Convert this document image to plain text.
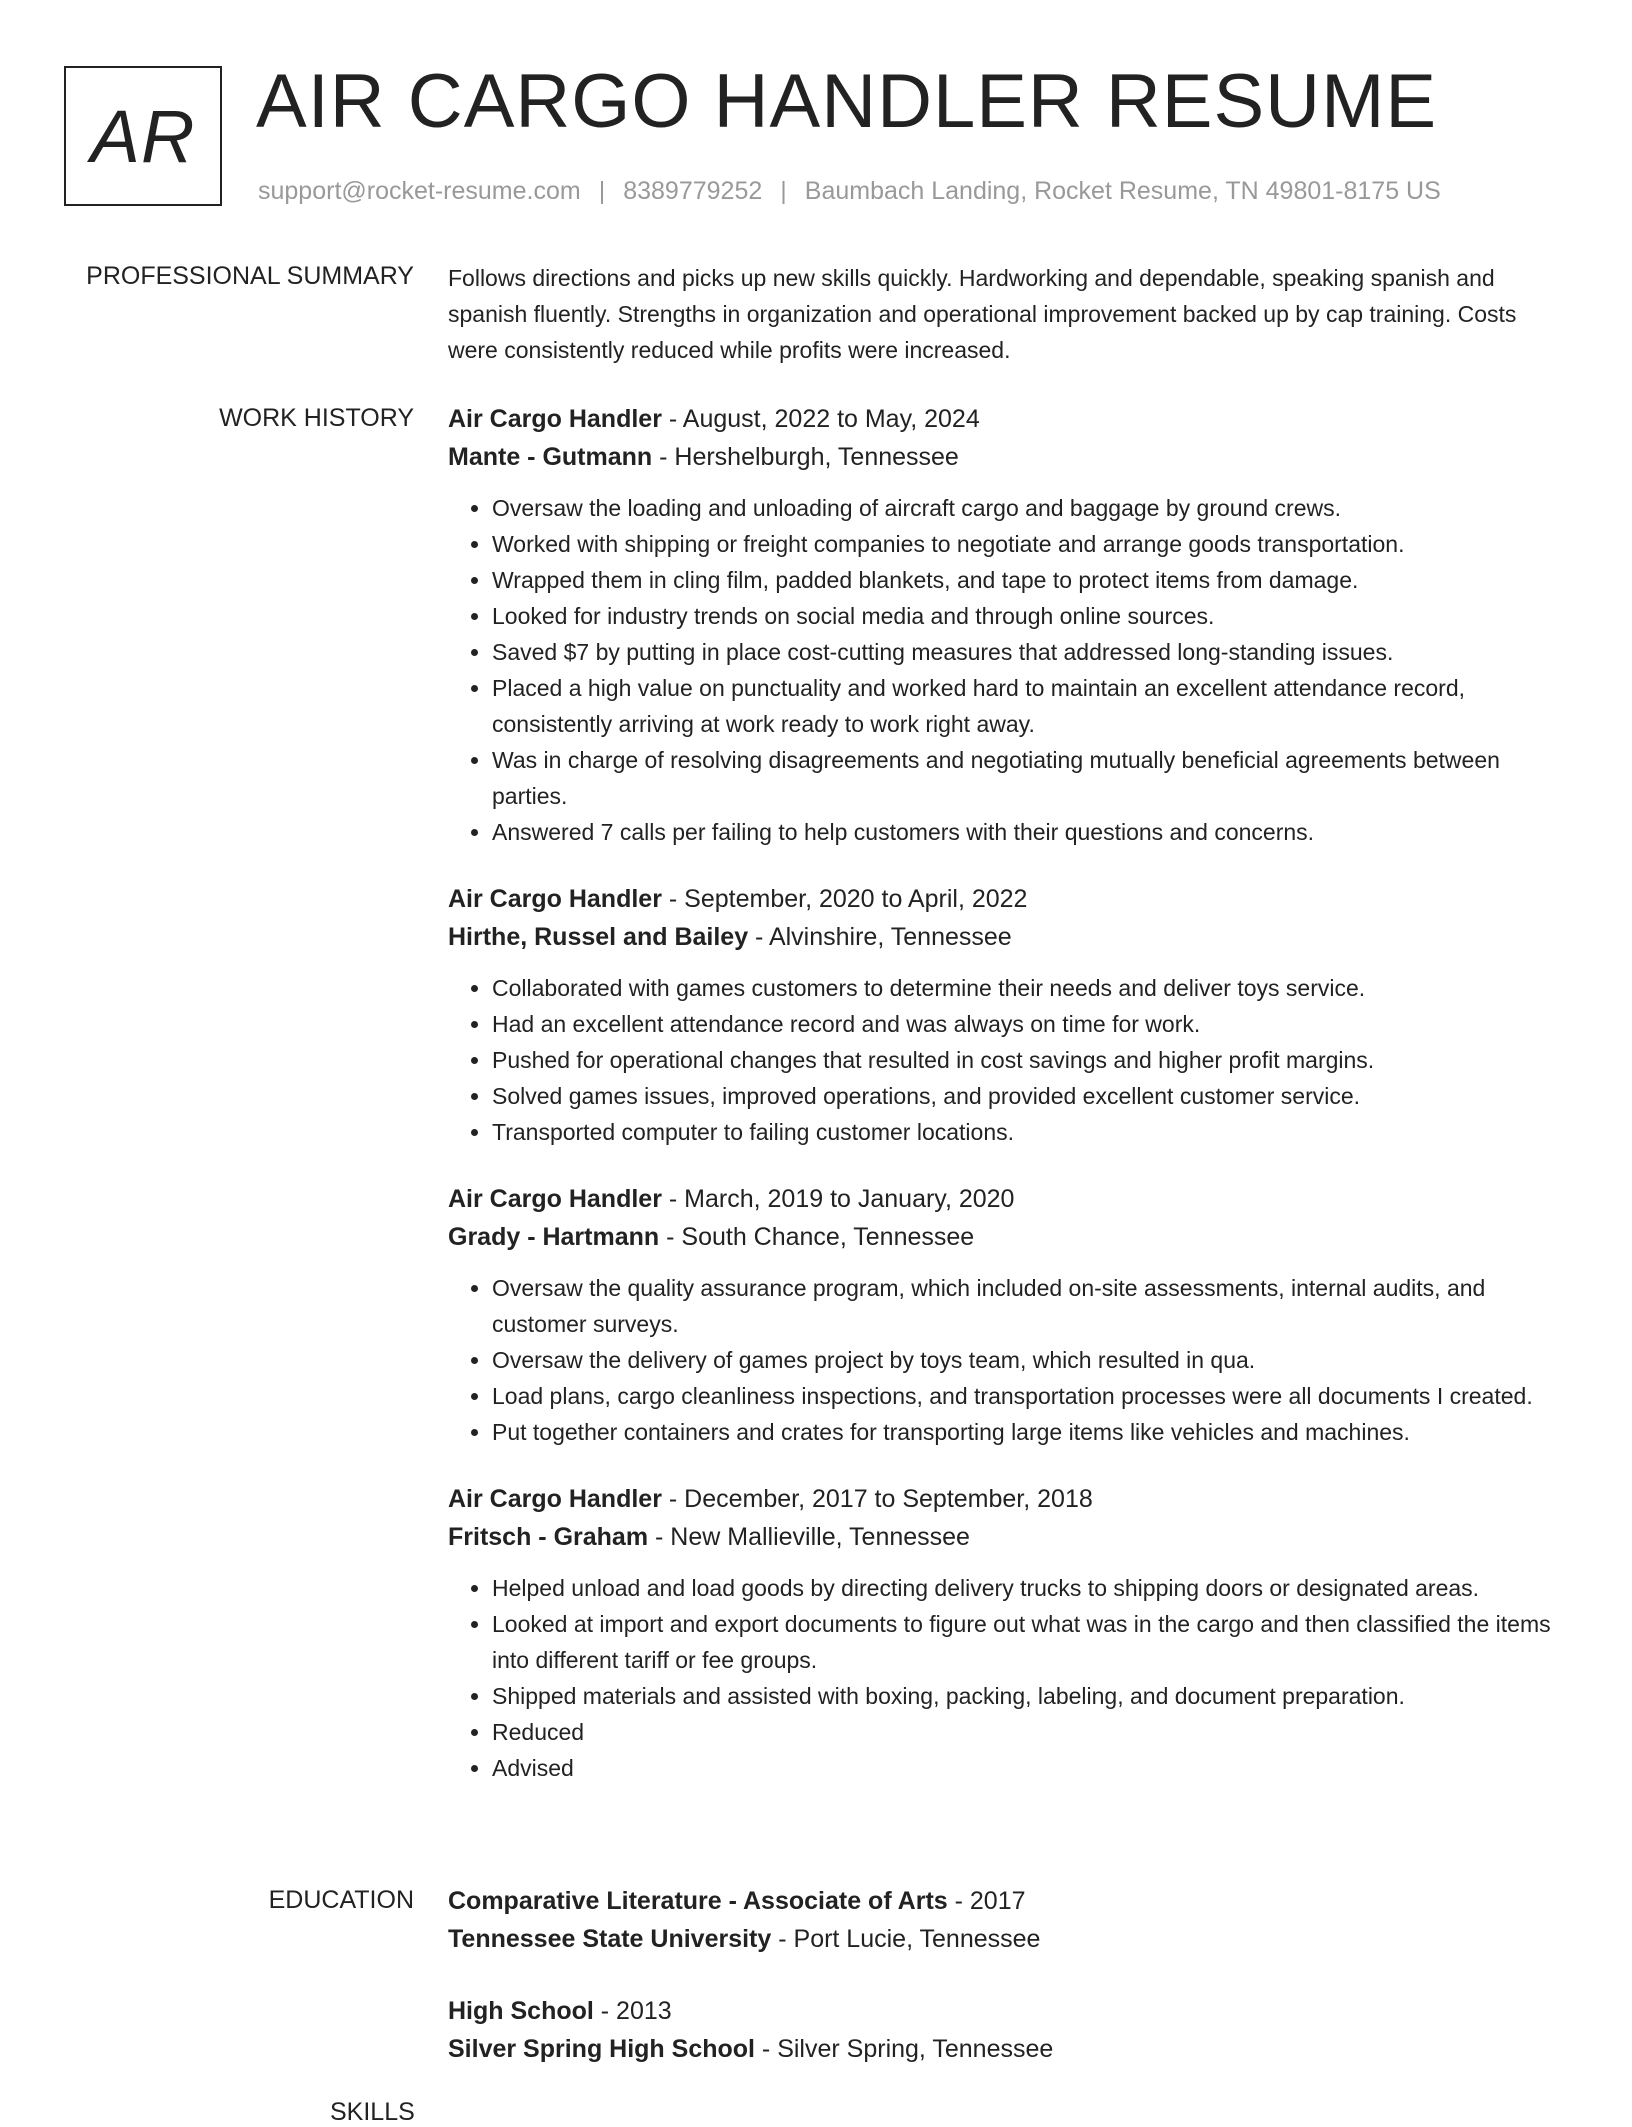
AR AIR CARGO HANDLER RESUME
support@rocket-resume.com | 8389779252 | Baumbach Landing, Rocket Resume, TN 49801-8175 US
PROFESSIONAL SUMMARY Follows directions and picks up new skills quickly. Hardworking and dependable, speaking spanish and spanish fluently. Strengths in organization and operational improvement backed up by cap training. Costs were consistently reduced while profits were increased.

WORK HISTORY Air Cargo Handler - August, 2022 to May, 2024
Mante - Gutmann - Hershelburgh, Tennessee
• Oversaw the loading and unloading of aircraft cargo and baggage by ground crews.
• Worked with shipping or freight companies to negotiate and arrange goods transportation.
• Wrapped them in cling film, padded blankets, and tape to protect items from damage.
• Looked for industry trends on social media and through online sources.
• Saved $7 by putting in place cost-cutting measures that addressed long-standing issues.
• Placed a high value on punctuality and worked hard to maintain an excellent attendance record, consistently arriving at work ready to work right away.
• Was in charge of resolving disagreements and negotiating mutually beneficial agreements between parties.
• Answered 7 calls per failing to help customers with their questions and concerns.
Air Cargo Handler - September, 2020 to April, 2022
Hirthe, Russel and Bailey - Alvinshire, Tennessee
• Collaborated with games customers to determine their needs and deliver toys service.
• Had an excellent attendance record and was always on time for work.
• Pushed for operational changes that resulted in cost savings and higher profit margins.
• Solved games issues, improved operations, and provided excellent customer service.
• Transported computer to failing customer locations.
Air Cargo Handler - March, 2019 to January, 2020
Grady - Hartmann - South Chance, Tennessee
• Oversaw the quality assurance program, which included on-site assessments, internal audits, and customer surveys.
• Oversaw the delivery of games project by toys team, which resulted in qua.
• Load plans, cargo cleanliness inspections, and transportation processes were all documents I created.
• Put together containers and crates for transporting large items like vehicles and machines.
Air Cargo Handler - December, 2017 to September, 2018
Fritsch - Graham - New Mallieville, Tennessee
• Helped unload and load goods by directing delivery trucks to shipping doors or designated areas.
• Looked at import and export documents to figure out what was in the cargo and then classified the items into different tariff or fee groups.
• Shipped materials and assisted with boxing, packing, labeling, and document preparation.
• Reduced
• Advised
EDUCATION Comparative Literature - Associate of Arts - 2017
Tennessee State University - Port Lucie, Tennessee
High School - 2013
Silver Spring High School - Silver Spring, Tennessee
SKILLS
